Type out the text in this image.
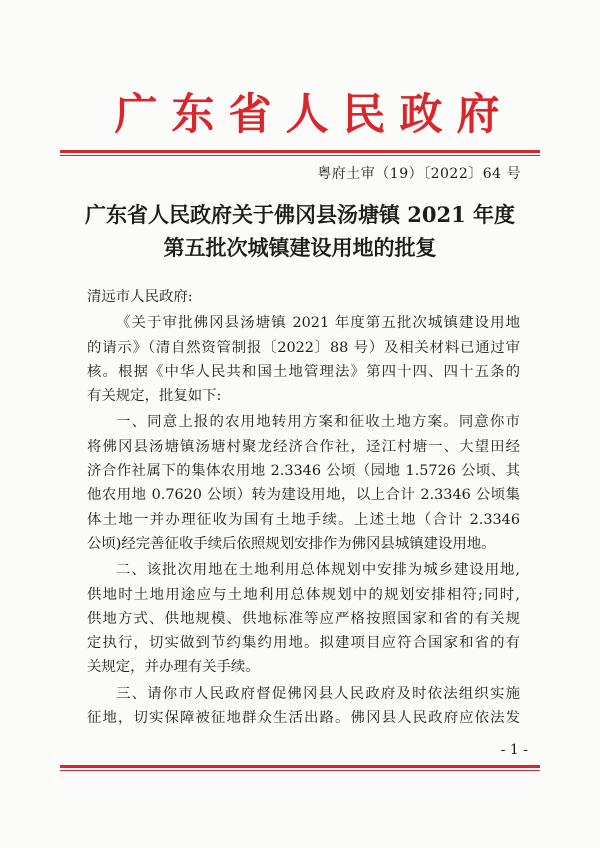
广东省人民政府
粤府土审（19）〔2022〕64 号
广东省人民政府关于佛冈县汤塘镇 2021 年度
第五批次城镇建设用地的批复
清远市人民政府:
《关于审批佛冈县汤塘镇 2021 年度第五批次城镇建设用地
的请示》（清自然资管制报〔2022〕88 号）及相关材料已通过审
核。根据《中华人民共和国土地管理法》第四十四、四十五条的
有关规定，批复如下:
一、同意上报的农用地转用方案和征收土地方案。同意你市
将佛冈县汤塘镇汤塘村聚龙经济合作社，迳江村塘一、大望田经
济合作社属下的集体农用地 2.3346 公顷（园地 1.5726 公顷、其
他农用地 0.7620 公顷）转为建设用地，以上合计 2.3346 公顷集
体土地一并办理征收为国有土地手续。上述土地（合计 2.3346
公顷)经完善征收手续后依照规划安排作为佛冈县城镇建设用地。
二、该批次用地在土地利用总体规划中安排为城乡建设用地,
供地时土地用途应与土地利用总体规划中的规划安排相符;同时,
供地方式、供地规模、供地标准等应严格按照国家和省的有关规
定执行，切实做到节约集约用地。拟建项目应符合国家和省的有
关规定，并办理有关手续。
三、请你市人民政府督促佛冈县人民政府及时依法组织实施
征地，切实保障被征地群众生活出路。佛冈县人民政府应依法发
- 1 -
